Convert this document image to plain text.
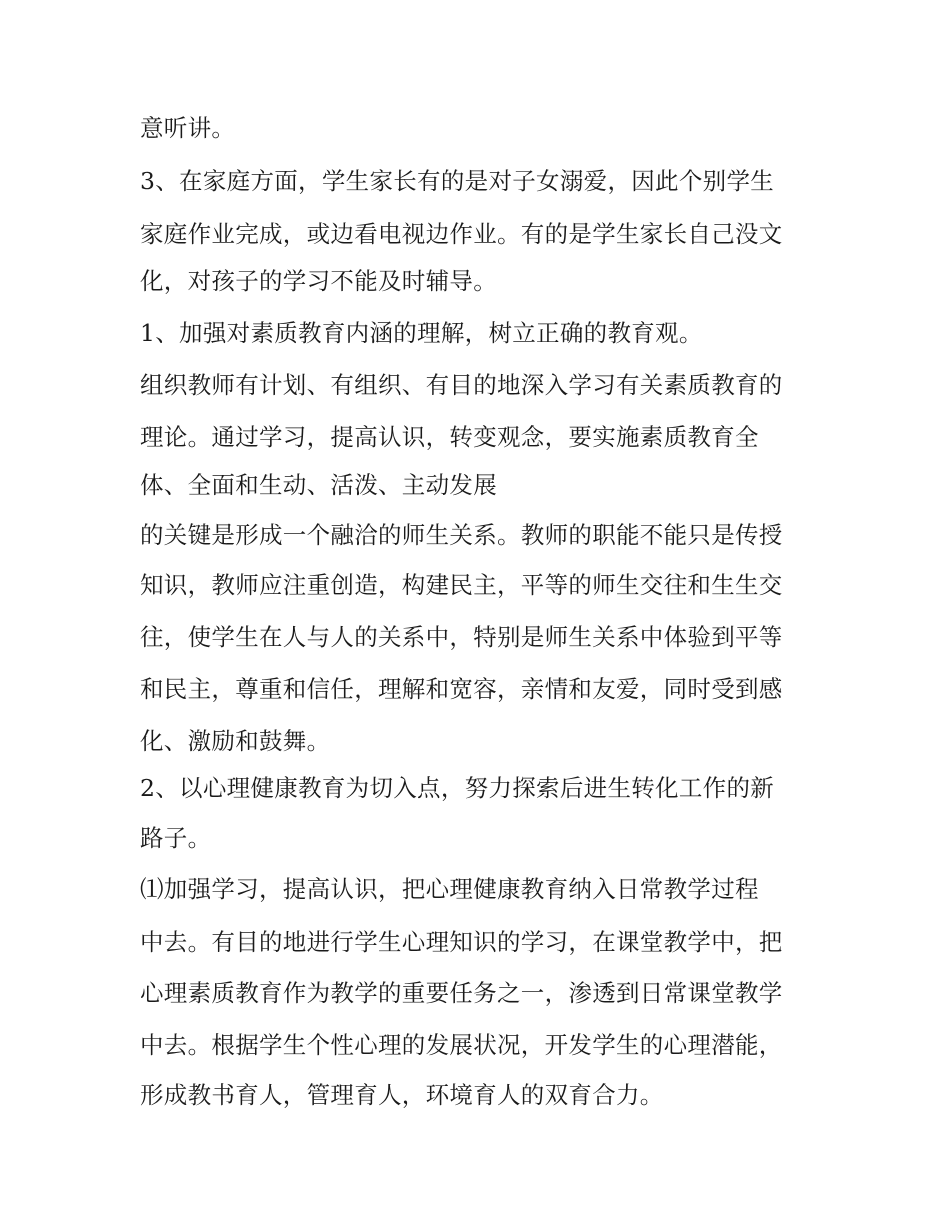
意听讲。

3、在家庭方面，学生家长有的是对子女溺爱，因此个别学生

家庭作业完成，或边看电视边作业。有的是学生家长自己没文

化，对孩子的学习不能及时辅导。

1、加强对素质教育内涵的理解，树立正确的教育观。

组织教师有计划、有组织、有目的地深入学习有关素质教育的

理论。通过学习，提高认识，转变观念，要实施素质教育全

体、全面和生动、活泼、主动发展

的关键是形成一个融洽的师生关系。教师的职能不能只是传授

知识，教师应注重创造，构建民主，平等的师生交往和生生交

往，使学生在人与人的关系中，特别是师生关系中体验到平等

和民主，尊重和信任，理解和宽容，亲情和友爱，同时受到感

化、激励和鼓舞。

2、以心理健康教育为切入点，努力探索后进生转化工作的新

路子。

⑴加强学习，提高认识，把心理健康教育纳入日常教学过程

中去。有目的地进行学生心理知识的学习，在课堂教学中，把

心理素质教育作为教学的重要任务之一，渗透到日常课堂教学

中去。根据学生个性心理的发展状况，开发学生的心理潜能，

形成教书育人，管理育人，环境育人的双育合力。
